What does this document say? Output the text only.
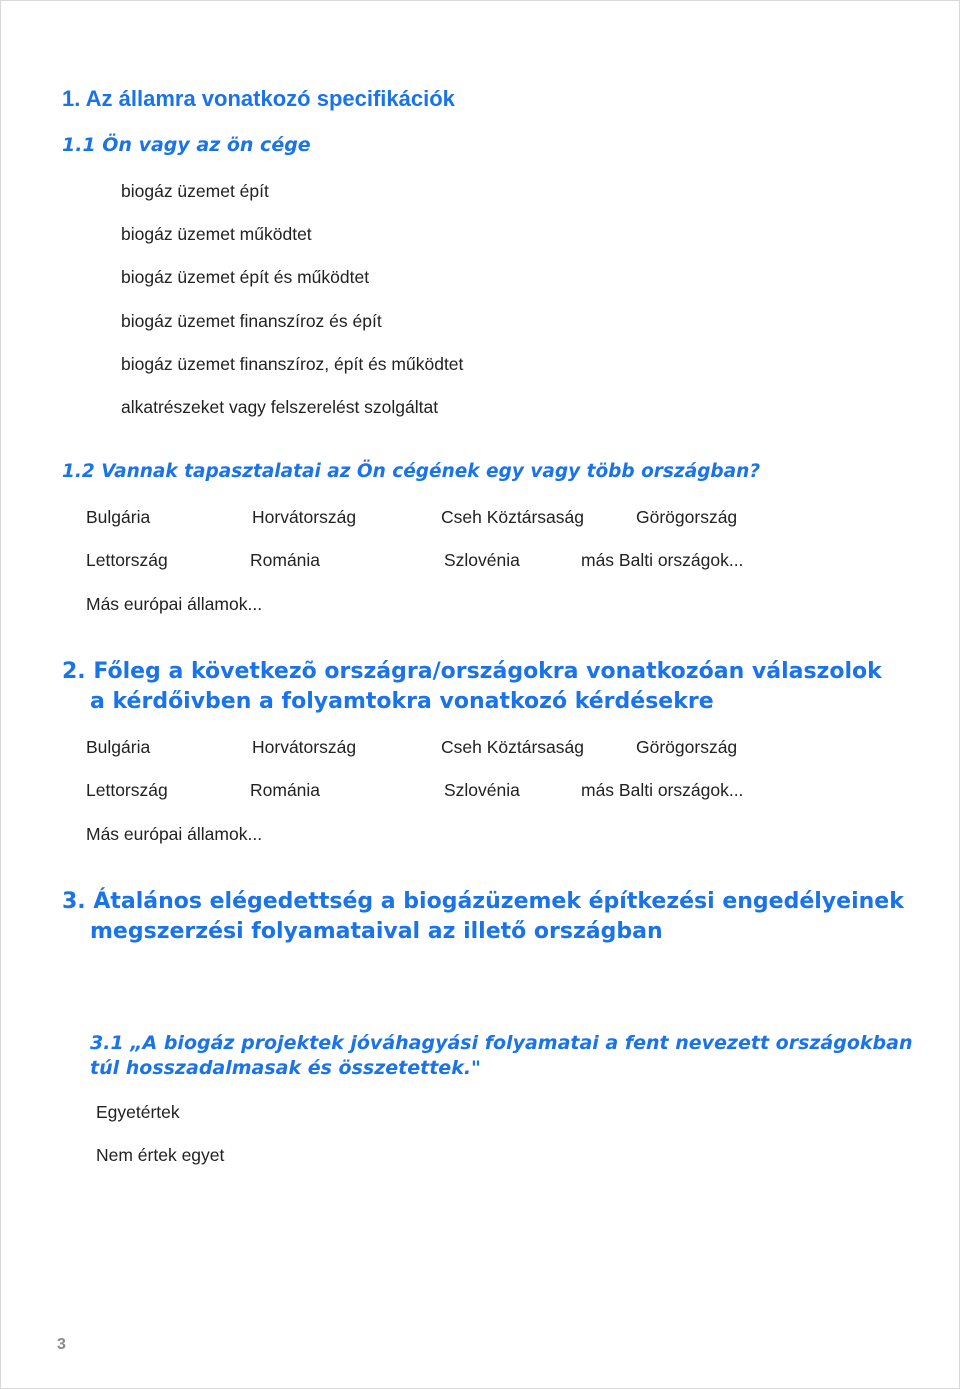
1. Az államra vonatkozó specifikációk
1.1 Ön vagy az ön cége
biogáz üzemet épít
biogáz üzemet működtet
biogáz üzemet épít és működtet
biogáz üzemet finanszíroz és épít
biogáz üzemet finanszíroz, épít és működtet
alkatrészeket vagy felszerelést szolgáltat
1.2 Vannak tapasztalatai az Ön cégének egy vagy több országban?
Bulgária	Horvátország	Cseh Köztársaság	Görögország
Lettország	Románia	Szlovénia	más Balti országok...
Más európai államok...
2. Főleg a következõ országra/országokra vonatkozóan válaszolok
a kérdőivben a folyamtokra vonatkozó kérdésekre
Bulgária	Horvátország	Cseh Köztársaság	Görögország
Lettország	Románia	Szlovénia	más Balti országok...
Más európai államok...
3. Átalános elégedettség a biogázüzemek építkezési engedélyeinek
megszerzési folyamataival az illető országban
3.1 „A biogáz projektek jóváhagyási folyamatai a fent nevezett országokban
túl hosszadalmasak és összetettek."
Egyetértek
Nem értek egyet
3
